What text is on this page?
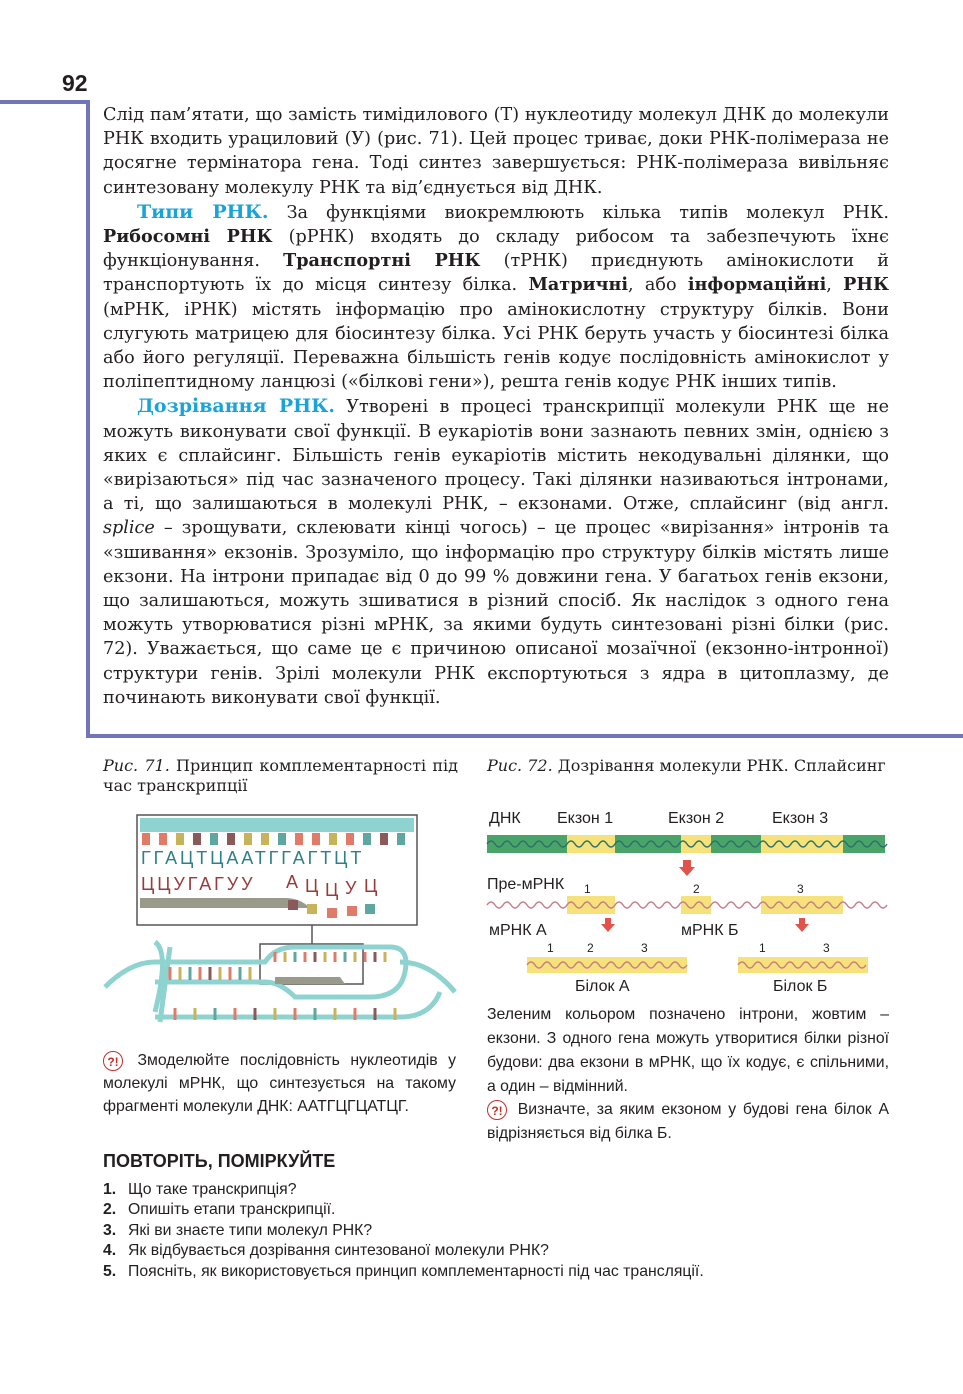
92

Слід пам’ятати, що замість тимідилового (Т) нуклеотиду молекул ДНК до молекули РНК входить урациловий (У) (рис. 71). Цей процес триває, доки РНК-полімераза не досягне термінатора гена. Тоді синтез завершується: РНК-полімераза вивільняє синтезовану молекулу РНК та від’єднується від ДНК.

Типи РНК. За функціями виокремлюють кілька типів молекул РНК. Рибосомні РНК (рРНК) входять до складу рибосом та забезпечують їхнє функціонування. Транспортні РНК (тРНК) приєднують амінокислоти й транспортують їх до місця синтезу білка. Матричні, або інформаційні, РНК (мРНК, іРНК) містять інформацію про амінокислотну структуру білків. Вони слугують матрицею для біосинтезу білка. Усі РНК беруть участь у біосинтезі білка або його регуляції. Переважна більшість генів кодує послідовність амінокислот у поліпептидному ланцюзі («білкові гени»), решта генів кодує РНК інших типів.

Дозрівання РНК. Утворені в процесі транскрипції молекули РНК ще не можуть виконувати свої функції. В еукаріотів вони зазнають певних змін, однією з яких є сплайсинг. Більшість генів еукаріотів містить некодувальні ділянки, що «вирізаються» під час зазначеного процесу. Такі ділянки називаються інтронами, а ті, що залишаються в молекулі РНК, – екзонами. Отже, сплайсинг (від англ. splice – зрощувати, склеювати кінці чогось) – це процес «вирізання» інтронів та «зшивання» екзонів. Зрозуміло, що інформацію про структуру білків містять лише екзони. На інтрони припадає від 0 до 99 % довжини гена. У багатьох генів екзони, що залишаються, можуть зшиватися в різний спосіб. Як наслідок з одного гена можуть утворюватися різні мРНК, за якими будуть синтезовані різні білки (рис. 72). Уважається, що саме це є причиною описаної мозаїчної (екзонно-інтронної) структури генів. Зрілі молекули РНК експортуються з ядра в цитоплазму, де починають виконувати свої функції.

Рис. 71. Принцип комплементарності під час транскрипції
ГГАЦТЦААТГГАГТЦТ
ЦЦУГАГУУ А Ц Ц У Ц
?! Змоделюйте послідовність нуклеотидів у молекулі мРНК, що синтезується на такому фрагменті молекули ДНК: ААТГЦГЦАТЦГ.
Рис. 72. Дозрівання молекули РНК. Сплайсинг
ДНК Екзон 1	Екзон 2	Екзон 3
Пре-мРНК 1	2	3
мРНК А	мРНК Б
1	2	3	1	3
Білок А	Білок Б
Зеленим кольором позначено інтрони, жовтим – екзони. З одного гена можуть утворитися білки різної будови: два екзони в мРНК, що їх кодує, є спільними, а один – відмінний.
?! Визначте, за яким екзоном у будові гена білок А відрізняється від білка Б.
ПОВТОРІТЬ, ПОМІРКУЙТЕ
1. Що таке транскрипція?
2. Опишіть етапи транскрипції.
3. Які ви знаєте типи молекул РНК?
4. Як відбувається дозрівання синтезованої молекули РНК?
5. Поясніть, як використовується принцип комплементарності під час трансляції.
